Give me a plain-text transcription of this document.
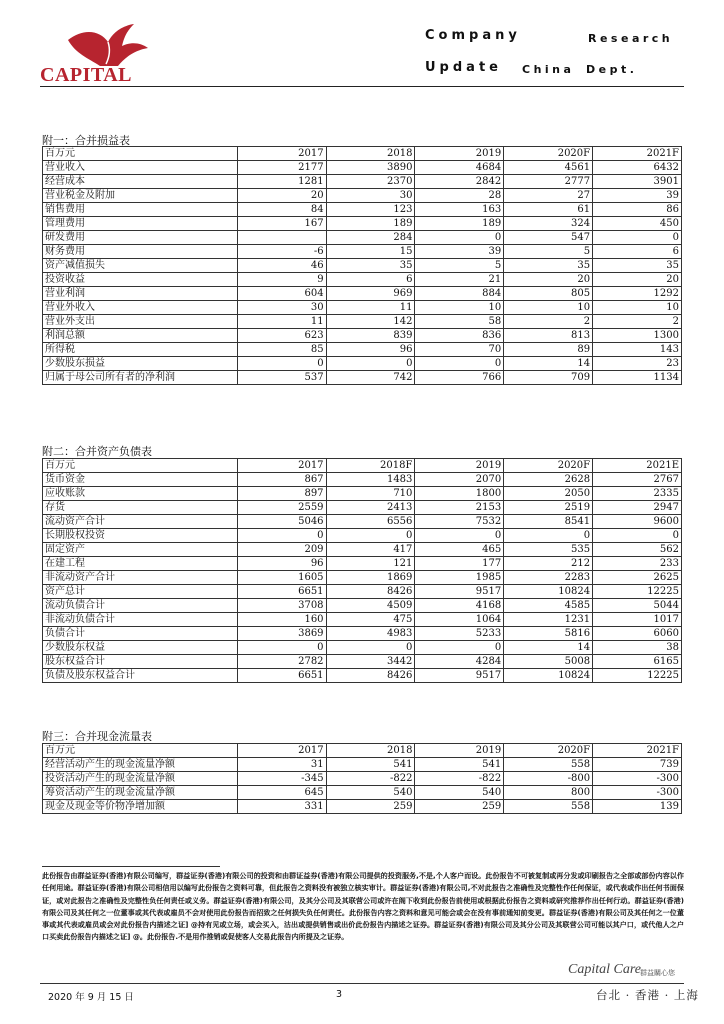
CAPITAL
Company	Research
Update China Dept.
附一：合并损益表
百万元	2017	2018	2019	2020F	2021F
营业收入	2177	3890	4684	4561	6432
经营成本	1281	2370	2842	2777	3901
营业税金及附加	20	30	28	27	39
销售费用	84	123	163	61	86
管理费用	167	189	189	324	450
研发费用		284	0	547	0
财务费用	-6	15	39	5	6
资产减值损失	46	35	5	35	35
投资收益	9	6	21	20	20
营业利润	604	969	884	805	1292
营业外收入	30	11	10	10	10
营业外支出	11	142	58	2	2
利润总额	623	839	836	813	1300
所得税	85	96	70	89	143
少数股东损益	0	0	0	14	23
归属于母公司所有者的净利润	537	742	766	709	1134
附二：合并资产负债表
百万元	2017	2018F	2019	2020F	2021E
货币资金	867	1483	2070	2628	2767
应收账款	897	710	1800	2050	2335
存货	2559	2413	2153	2519	2947
流动资产合计	5046	6556	7532	8541	9600
长期股权投资	0	0	0	0	0
固定资产	209	417	465	535	562
在建工程	96	121	177	212	233
非流动资产合计	1605	1869	1985	2283	2625
资产总计	6651	8426	9517	10824	12225
流动负债合计	3708	4509	4168	4585	5044
非流动负债合计	160	475	1064	1231	1017
负债合计	3869	4983	5233	5816	6060
少数股东权益	0	0	0	14	38
股东权益合计	2782	3442	4284	5008	6165
负债及股东权益合计	6651	8426	9517	10824	12225
附三：合并现金流量表
百万元	2017	2018	2019	2020F	2021F
经营活动产生的现金流量净额	31	541	541	558	739
投资活动产生的现金流量净额	-345	-822	-822	-800	-300
筹资活动产生的现金流量净额	645	540	540	800	-300
现金及现金等价物净增加额	331	259	259	558	139
此份报告由群益证券(香港)有限公司编写，群益证券(香港)有限公司的投资和由群证益券(香港)有限公司提供的投资服务,不是,个人客户而设。此份报告不可被复制或再分发或印刷报告之全部或部份内容以作任何用途。群益证券(香港)有限公司相信用以编写此份报告之资料可靠，但此报告之资料没有被独立核实审计。群益证券(香港)有限公司,不对此报告之准确性及完整性作任何保证，或代表或作出任何书面保证，或对此报告之准确性及完整性负任何责任或义务。群益证券(香港)有限公司，及其分公司及其联营公司或许在阁下收到此份报告前使用或根据此份报告之资料或研究推荐作出任何行动。群益证券(香港)有限公司及其任何之一位董事或其代表或雇员不会对使用此份报告而招致之任何损失负任何责任。此份报告内容之资料和意见可能会或会在没有事前通知前变更。群益证券(香港)有限公司及其任何之一位董事或其代表或雇员或会对此份报告内描述之证] @持有见或立场，或会买入，沽出或提供销售或出价此份报告内描述之证券。群益证券(香港)有限公司及其分公司及其联营公司可能以其户口，或代他人之户口买卖此份报告内描述之证] @。此份报告.不是用作推销或促使客人交易此报告内所提及之证券。
Capital Care 群益關心您
2020 年 9 月 15 日	3	台北 · 香港 · 上海
